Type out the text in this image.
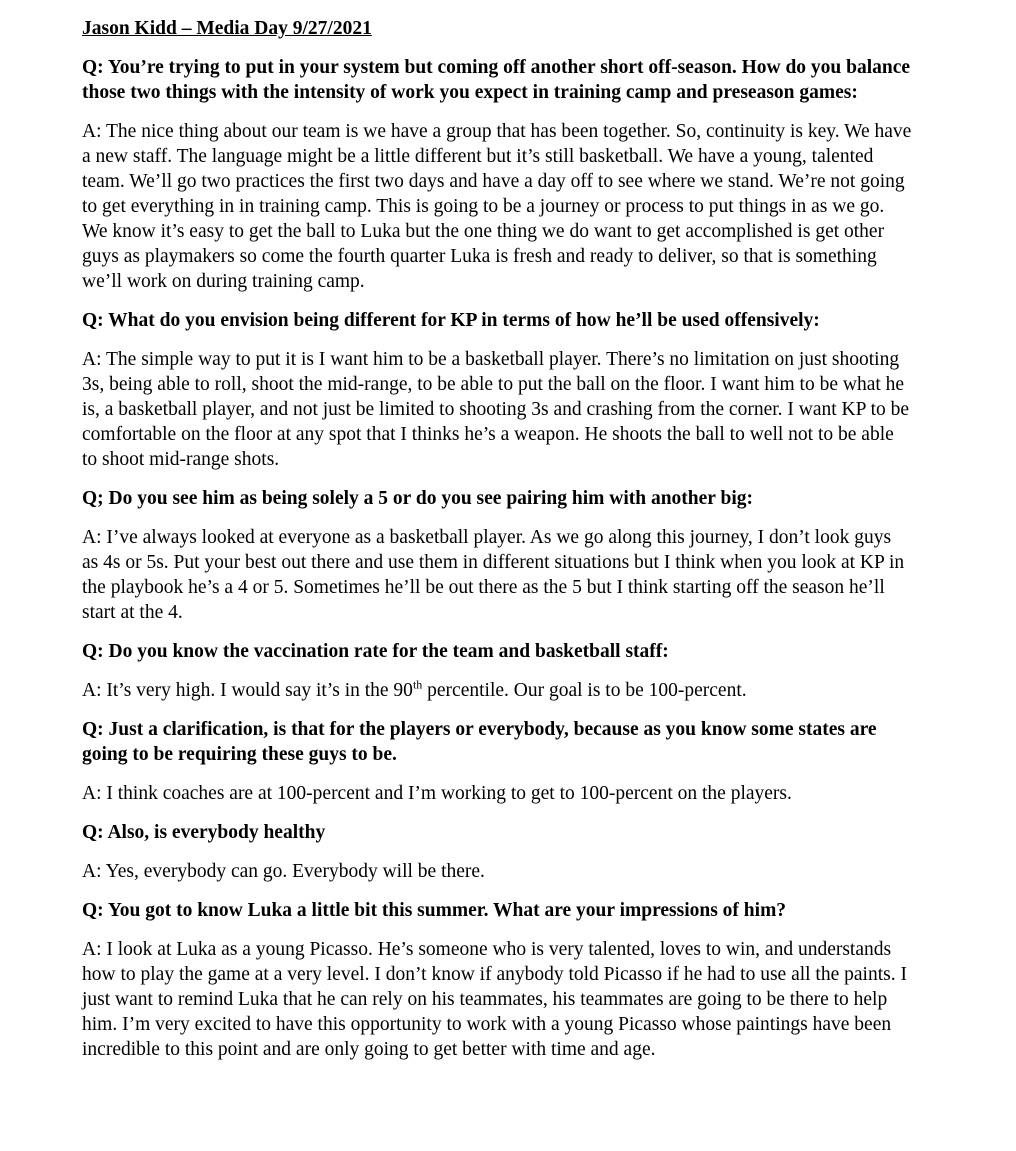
Jason Kidd – Media Day 9/27/2021

Q: You’re trying to put in your system but coming off another short off-season. How do you balance those two things with the intensity of work you expect in training camp and preseason games:

A: The nice thing about our team is we have a group that has been together. So, continuity is key. We have a new staff. The language might be a little different but it’s still basketball. We have a young, talented team. We’ll go two practices the first two days and have a day off to see where we stand. We’re not going to get everything in in training camp. This is going to be a journey or process to put things in as we go. We know it’s easy to get the ball to Luka but the one thing we do want to get accomplished is get other guys as playmakers so come the fourth quarter Luka is fresh and ready to deliver, so that is something we’ll work on during training camp.

Q: What do you envision being different for KP in terms of how he’ll be used offensively:

A: The simple way to put it is I want him to be a basketball player. There’s no limitation on just shooting 3s, being able to roll, shoot the mid-range, to be able to put the ball on the floor. I want him to be what he is, a basketball player, and not just be limited to shooting 3s and crashing from the corner. I want KP to be comfortable on the floor at any spot that I thinks he’s a weapon. He shoots the ball to well not to be able to shoot mid-range shots.

Q; Do you see him as being solely a 5 or do you see pairing him with another big:

A: I’ve always looked at everyone as a basketball player. As we go along this journey, I don’t look guys as 4s or 5s. Put your best out there and use them in different situations but I think when you look at KP in the playbook he’s a 4 or 5. Sometimes he’ll be out there as the 5 but I think starting off the season he’ll start at the 4.

Q: Do you know the vaccination rate for the team and basketball staff:

A: It’s very high. I would say it’s in the 90th percentile. Our goal is to be 100-percent.

Q: Just a clarification, is that for the players or everybody, because as you know some states are going to be requiring these guys to be.

A: I think coaches are at 100-percent and I’m working to get to 100-percent on the players.

Q: Also, is everybody healthy

A: Yes, everybody can go. Everybody will be there.

Q: You got to know Luka a little bit this summer. What are your impressions of him?

A: I look at Luka as a young Picasso. He’s someone who is very talented, loves to win, and understands how to play the game at a very level. I don’t know if anybody told Picasso if he had to use all the paints. I just want to remind Luka that he can rely on his teammates, his teammates are going to be there to help him. I’m very excited to have this opportunity to work with a young Picasso whose paintings have been incredible to this point and are only going to get better with time and age.
